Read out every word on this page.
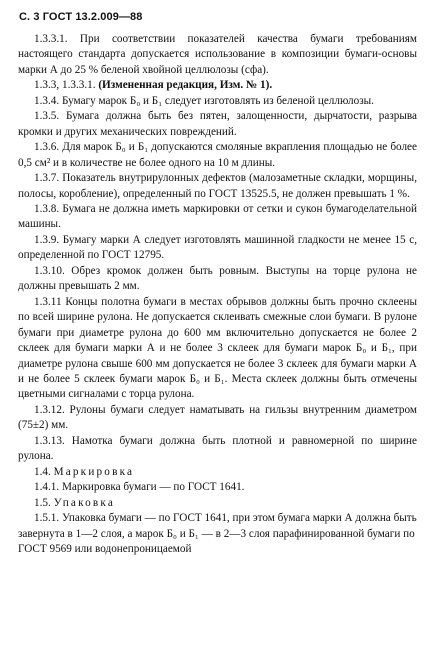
С. 3 ГОСТ 13.2.009—88

1.3.3.1. При соответствии показателей качества бумаги требованиям настоящего стандарта допускается использование в композиции бумаги-основы марки А до 25 % беленой хвойной целлюлозы (сфа).

1.3.3, 1.3.3.1. (Измененная редакция, Изм. № 1).

1.3.4. Бумагу марок Б₀ и Б₁ следует изготовлять из беленой целлюлозы.

1.3.5. Бумага должна быть без пятен, залощенности, дырчатости, разрыва кромки и других механических повреждений.

1.3.6. Для марок Б₀ и Б₁ допускаются смоляные вкрапления площадью не более 0,5 см² и в количестве не более одного на 10 м длины.

1.3.7. Показатель внутрирулонных дефектов (малозаметные складки, морщины, полосы, коробление), определенный по ГОСТ 13525.5, не должен превышать 1 %.

1.3.8. Бумага не должна иметь маркировки от сетки и сукон бумагоделательной машины.

1.3.9. Бумагу марки А следует изготовлять машинной гладкости не менее 15 с, определенной по ГОСТ 12795.

1.3.10. Обрез кромок должен быть ровным. Выступы на торце рулона не должны превышать 2 мм.

1.3.11 Концы полотна бумаги в местах обрывов должны быть прочно склеены по всей ширине рулона. Не допускается склеивать смежные слои бумаги. В рулоне бумаги при диаметре рулона до 600 мм включительно допускается не более 2 склеек для бумаги марки А и не более 3 склеек для бумаги марок Б₀ и Б₁, при диаметре рулона свыше 600 мм допускается не более 3 склеек для бумаги марки А и не более 5 склеек бумаги марок Б₀ и Б₁. Места склеек должны быть отмечены цветными сигналами с торца рулона.

1.3.12. Рулоны бумаги следует наматывать на гильзы внутренним диаметром (75±2) мм.

1.3.13. Намотка бумаги должна быть плотной и равномерной по ширине рулона.

1.4. Маркировка

1.4.1. Маркировка бумаги — по ГОСТ 1641.

1.5. Упаковка

1.5.1. Упаковка бумаги — по ГОСТ 1641, при этом бумага марки А должна быть завернута в 1—2 слоя, а марок Б₀ и Б₁ — в 2—3 слоя парафинированной бумаги по ГОСТ 9569 или водонепроницаемой
